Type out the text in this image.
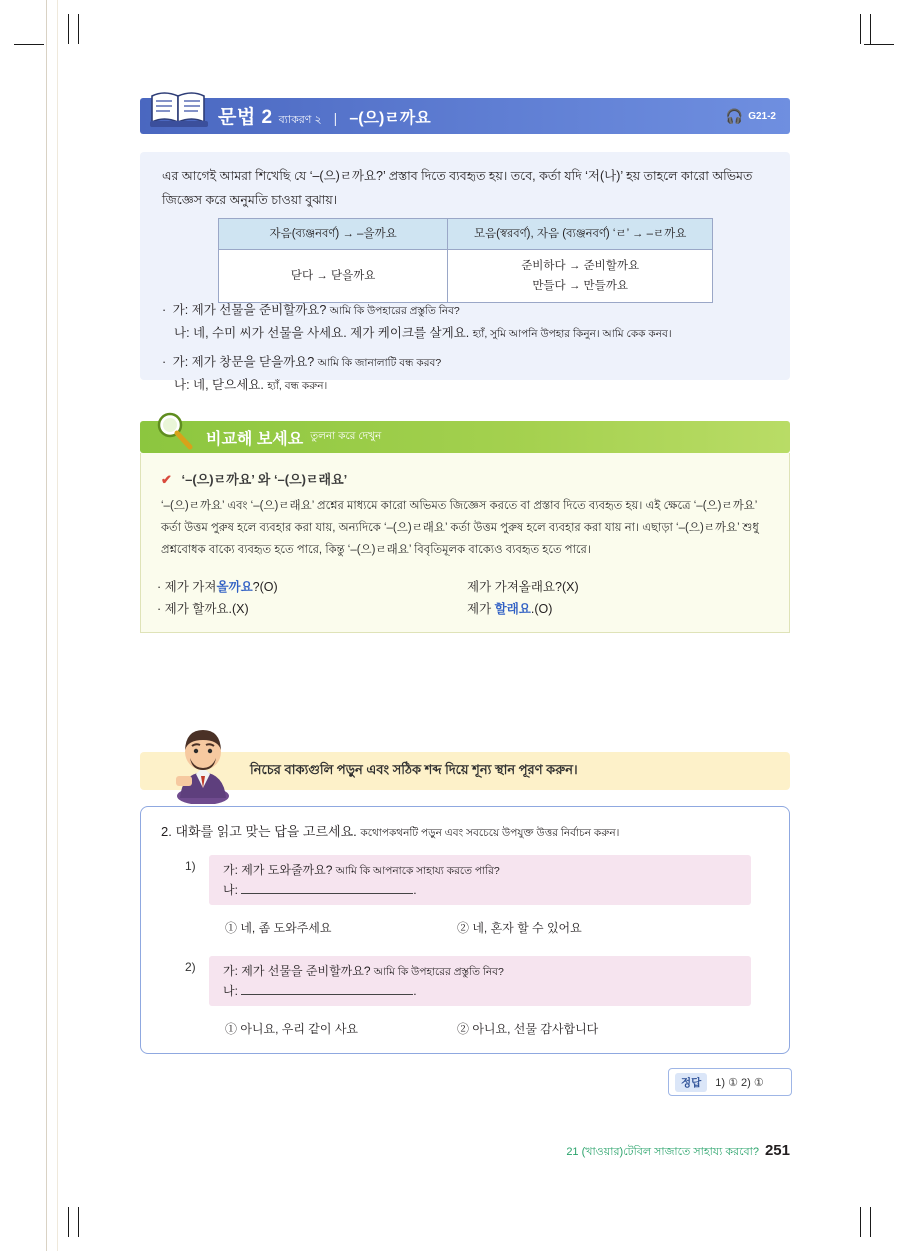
문법 2 ব্যাকরণ ২ | –(으)ㄹ까요	🎧 G21-2
এর আগেই আমরা শিখেছি যে ‘–(으)ㄹ까요?’ প্রস্তাব দিতে ব্যবহৃত হয়। তবে, কর্তা যদি ‘저(나)’ হয় তাহলে কারো অভিমত জিজ্ঞেস করে অনুমতি চাওয়া বুঝায়।
자음(ব্যঞ্জনবর্ণ) → –을까요	모음(স্বরবর্ণ), 자음 (ব্যঞ্জনবর্ণ) ‘ㄹ’ → –ㄹ까요
닫다 → 닫을까요	준비하다 → 준비할까요
만들다 → 만들까요
· 가: 제가 선물을 준비할까요? আমি কি উপহারের প্রস্তুতি নিব?
나: 네, 수미 씨가 선물을 사세요. 제가 케이크를 살게요. হ্যাঁ, সুমি আপনি উপহার কিনুন। আমি কেক কনব।
· 가: 제가 창문을 닫을까요? আমি কি জানালাটি বন্ধ করব?
나: 네, 닫으세요. হ্যাঁ, বন্ধ করুন।
비교해 보세요 তুলনা করে দেখুন
✔ ‘–(으)ㄹ까요’ 와 ‘–(으)ㄹ래요’
‘–(으)ㄹ까요’ এবং ‘–(으)ㄹ래요’ প্রশ্নের মাধ্যমে কারো অভিমত জিজ্ঞেস করতে বা প্রস্তাব দিতে ব্যবহৃত হয়। এই ক্ষেত্রে ‘–(으)ㄹ까요’ কর্তা উত্তম পুরুষ হলে ব্যবহার করা যায়, অন্যদিকে ‘–(으)ㄹ래요’ কর্তা উত্তম পুরুষ হলে ব্যবহার করা যায় না। এছাড়া ‘–(으)ㄹ까요’ শুধু প্রশ্নবোধক বাক্যে ব্যবহৃত হতে পারে, কিন্তু ‘–(으)ㄹ래요’ বিবৃতিমূলক বাক্যেও ব্যবহৃত হতে পারে।
· 제가 가져올까요?(O)
· 제가 할까요.(X)
제가 가져올래요?(X)
제가 할래요.(O)
নিচের বাক্যগুলি পড়ুন এবং সঠিক শব্দ দিয়ে শূন্য স্থান পূরণ করুন।
2. 대화를 읽고 맞는 답을 고르세요. কথোপকথনটি পড়ুন এবং সবচেয়ে উপযুক্ত উত্তর নির্বাচন করুন।
1) 가: 제가 도와줄까요? আমি কি আপনাকে সাহায্য করতে পারি?
나:	.
① 네, 좀 도와주세요	② 네, 혼자 할 수 있어요
2) 가: 제가 선물을 준비할까요? আমি কি উপহারের প্রস্তুতি নিব?
나:	.
① 아니요, 우리 같이 사요	② 아니요, 선물 감사합니다
정답	1) ① 2) ①
21 (খাওয়ার)টেবিল সাজাতে সাহায্য করবো? 251
